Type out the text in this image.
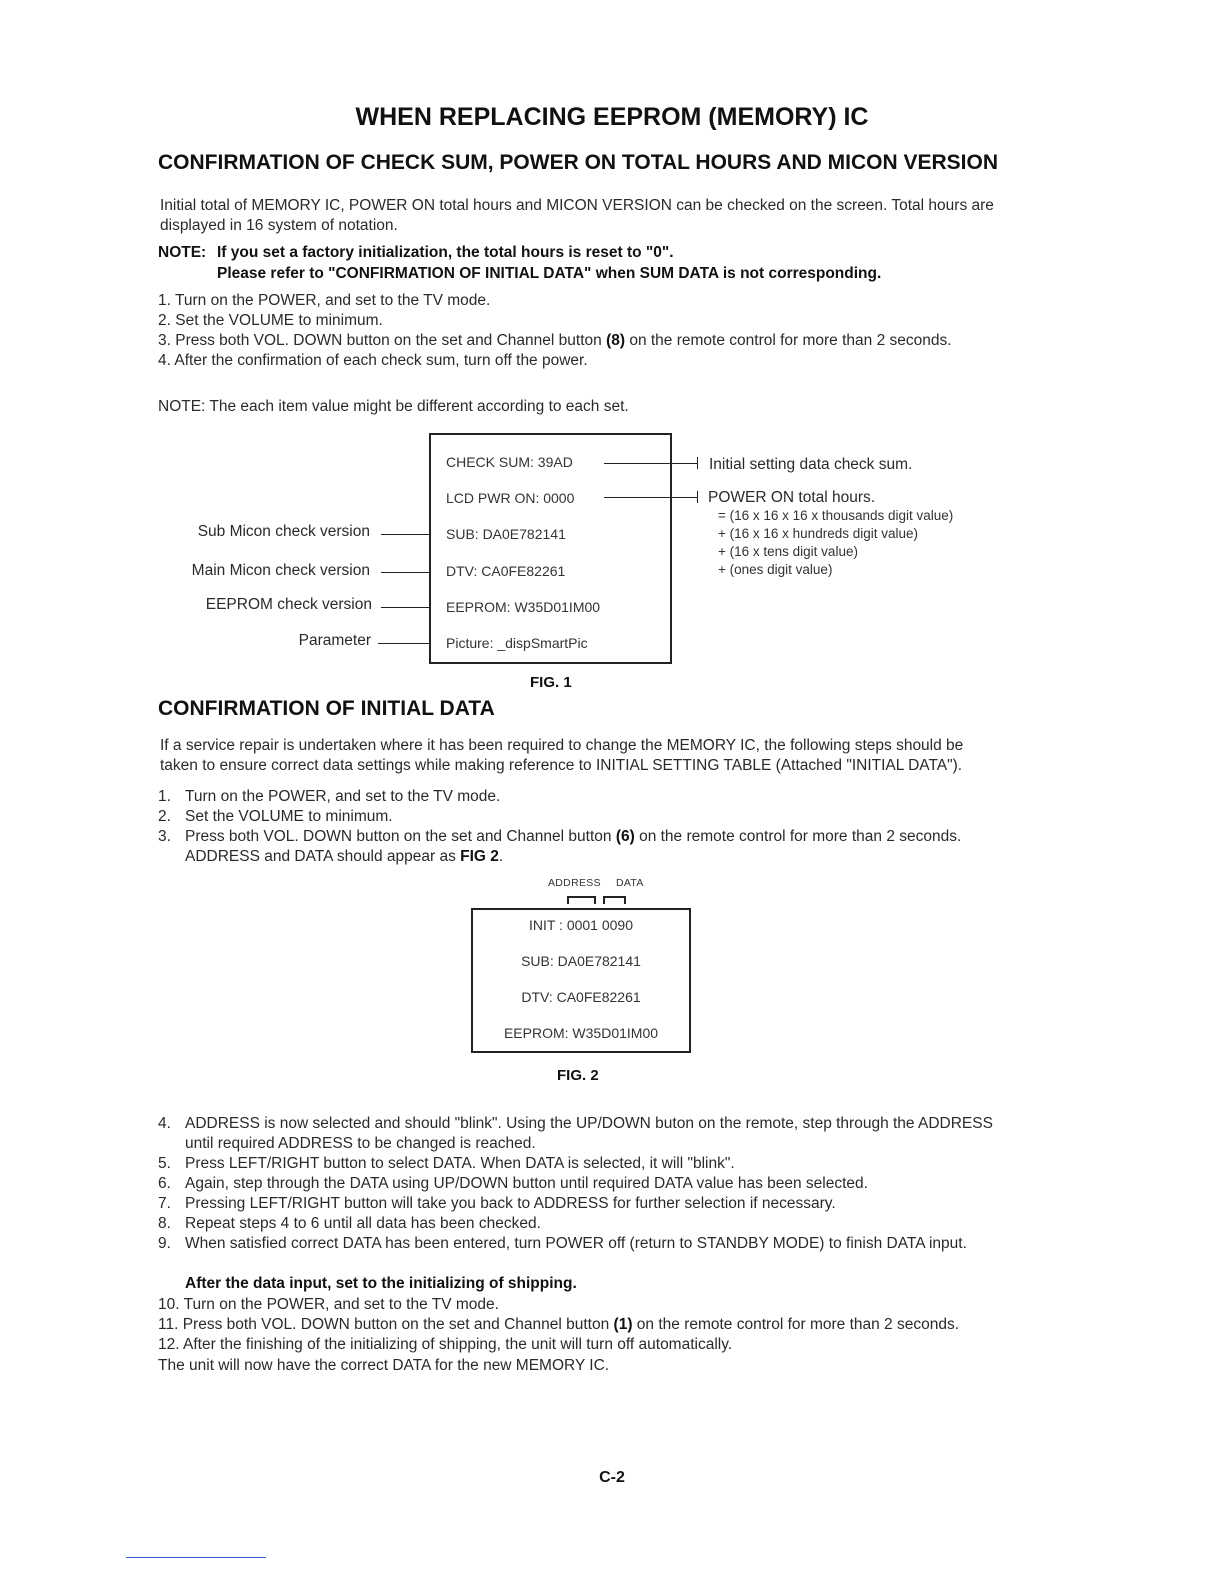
WHEN REPLACING EEPROM (MEMORY) IC
CONFIRMATION OF CHECK SUM, POWER ON TOTAL HOURS AND MICON VERSION
Initial total of MEMORY IC, POWER ON total hours and MICON VERSION can be checked on the screen. Total hours are
displayed in 16 system of notation.
NOTE: If you set a factory initialization, the total hours is reset to "0".
Please refer to "CONFIRMATION OF INITIAL DATA" when SUM DATA is not corresponding.
1. Turn on the POWER, and set to the TV mode.
2. Set the VOLUME to minimum.
3. Press both VOL. DOWN button on the set and Channel button (8) on the remote control for more than 2 seconds.
4. After the confirmation of each check sum, turn off the power.
NOTE: The each item value might be different according to each set.
CHECK SUM: 39AD
LCD PWR ON: 0000
SUB: DA0E782141
DTV: CA0FE82261
EEPROM: W35D01IM00
Picture: _dispSmartPic
Initial setting data check sum.
POWER ON total hours.
= (16 x 16 x 16 x thousands digit value)
+ (16 x 16 x hundreds digit value)
+ (16 x tens digit value)
+ (ones digit value)
Sub Micon check version
Main Micon check version
EEPROM check version
Parameter
FIG. 1
CONFIRMATION OF INITIAL DATA
If a service repair is undertaken where it has been required to change the MEMORY IC, the following steps should be
taken to ensure correct data settings while making reference to INITIAL SETTING TABLE (Attached "INITIAL DATA").
1. Turn on the POWER, and set to the TV mode.
2. Set the VOLUME to minimum.
3. Press both VOL. DOWN button on the set and Channel button (6) on the remote control for more than 2 seconds.
ADDRESS and DATA should appear as FIG 2.
ADDRESS DATA
INIT : 0001 0090
SUB: DA0E782141
DTV: CA0FE82261
EEPROM: W35D01IM00
FIG. 2
4. ADDRESS is now selected and should "blink". Using the UP/DOWN buton on the remote, step through the ADDRESS
until required ADDRESS to be changed is reached.
5. Press LEFT/RIGHT button to select DATA. When DATA is selected, it will "blink".
6. Again, step through the DATA using UP/DOWN button until required DATA value has been selected.
7. Pressing LEFT/RIGHT button will take you back to ADDRESS for further selection if necessary.
8. Repeat steps 4 to 6 until all data has been checked.
9. When satisfied correct DATA has been entered, turn POWER off (return to STANDBY MODE) to finish DATA input.
After the data input, set to the initializing of shipping.
10. Turn on the POWER, and set to the TV mode.
11. Press both VOL. DOWN button on the set and Channel button (1) on the remote control for more than 2 seconds.
12. After the finishing of the initializing of shipping, the unit will turn off automatically.
The unit will now have the correct DATA for the new MEMORY IC.
C-2
